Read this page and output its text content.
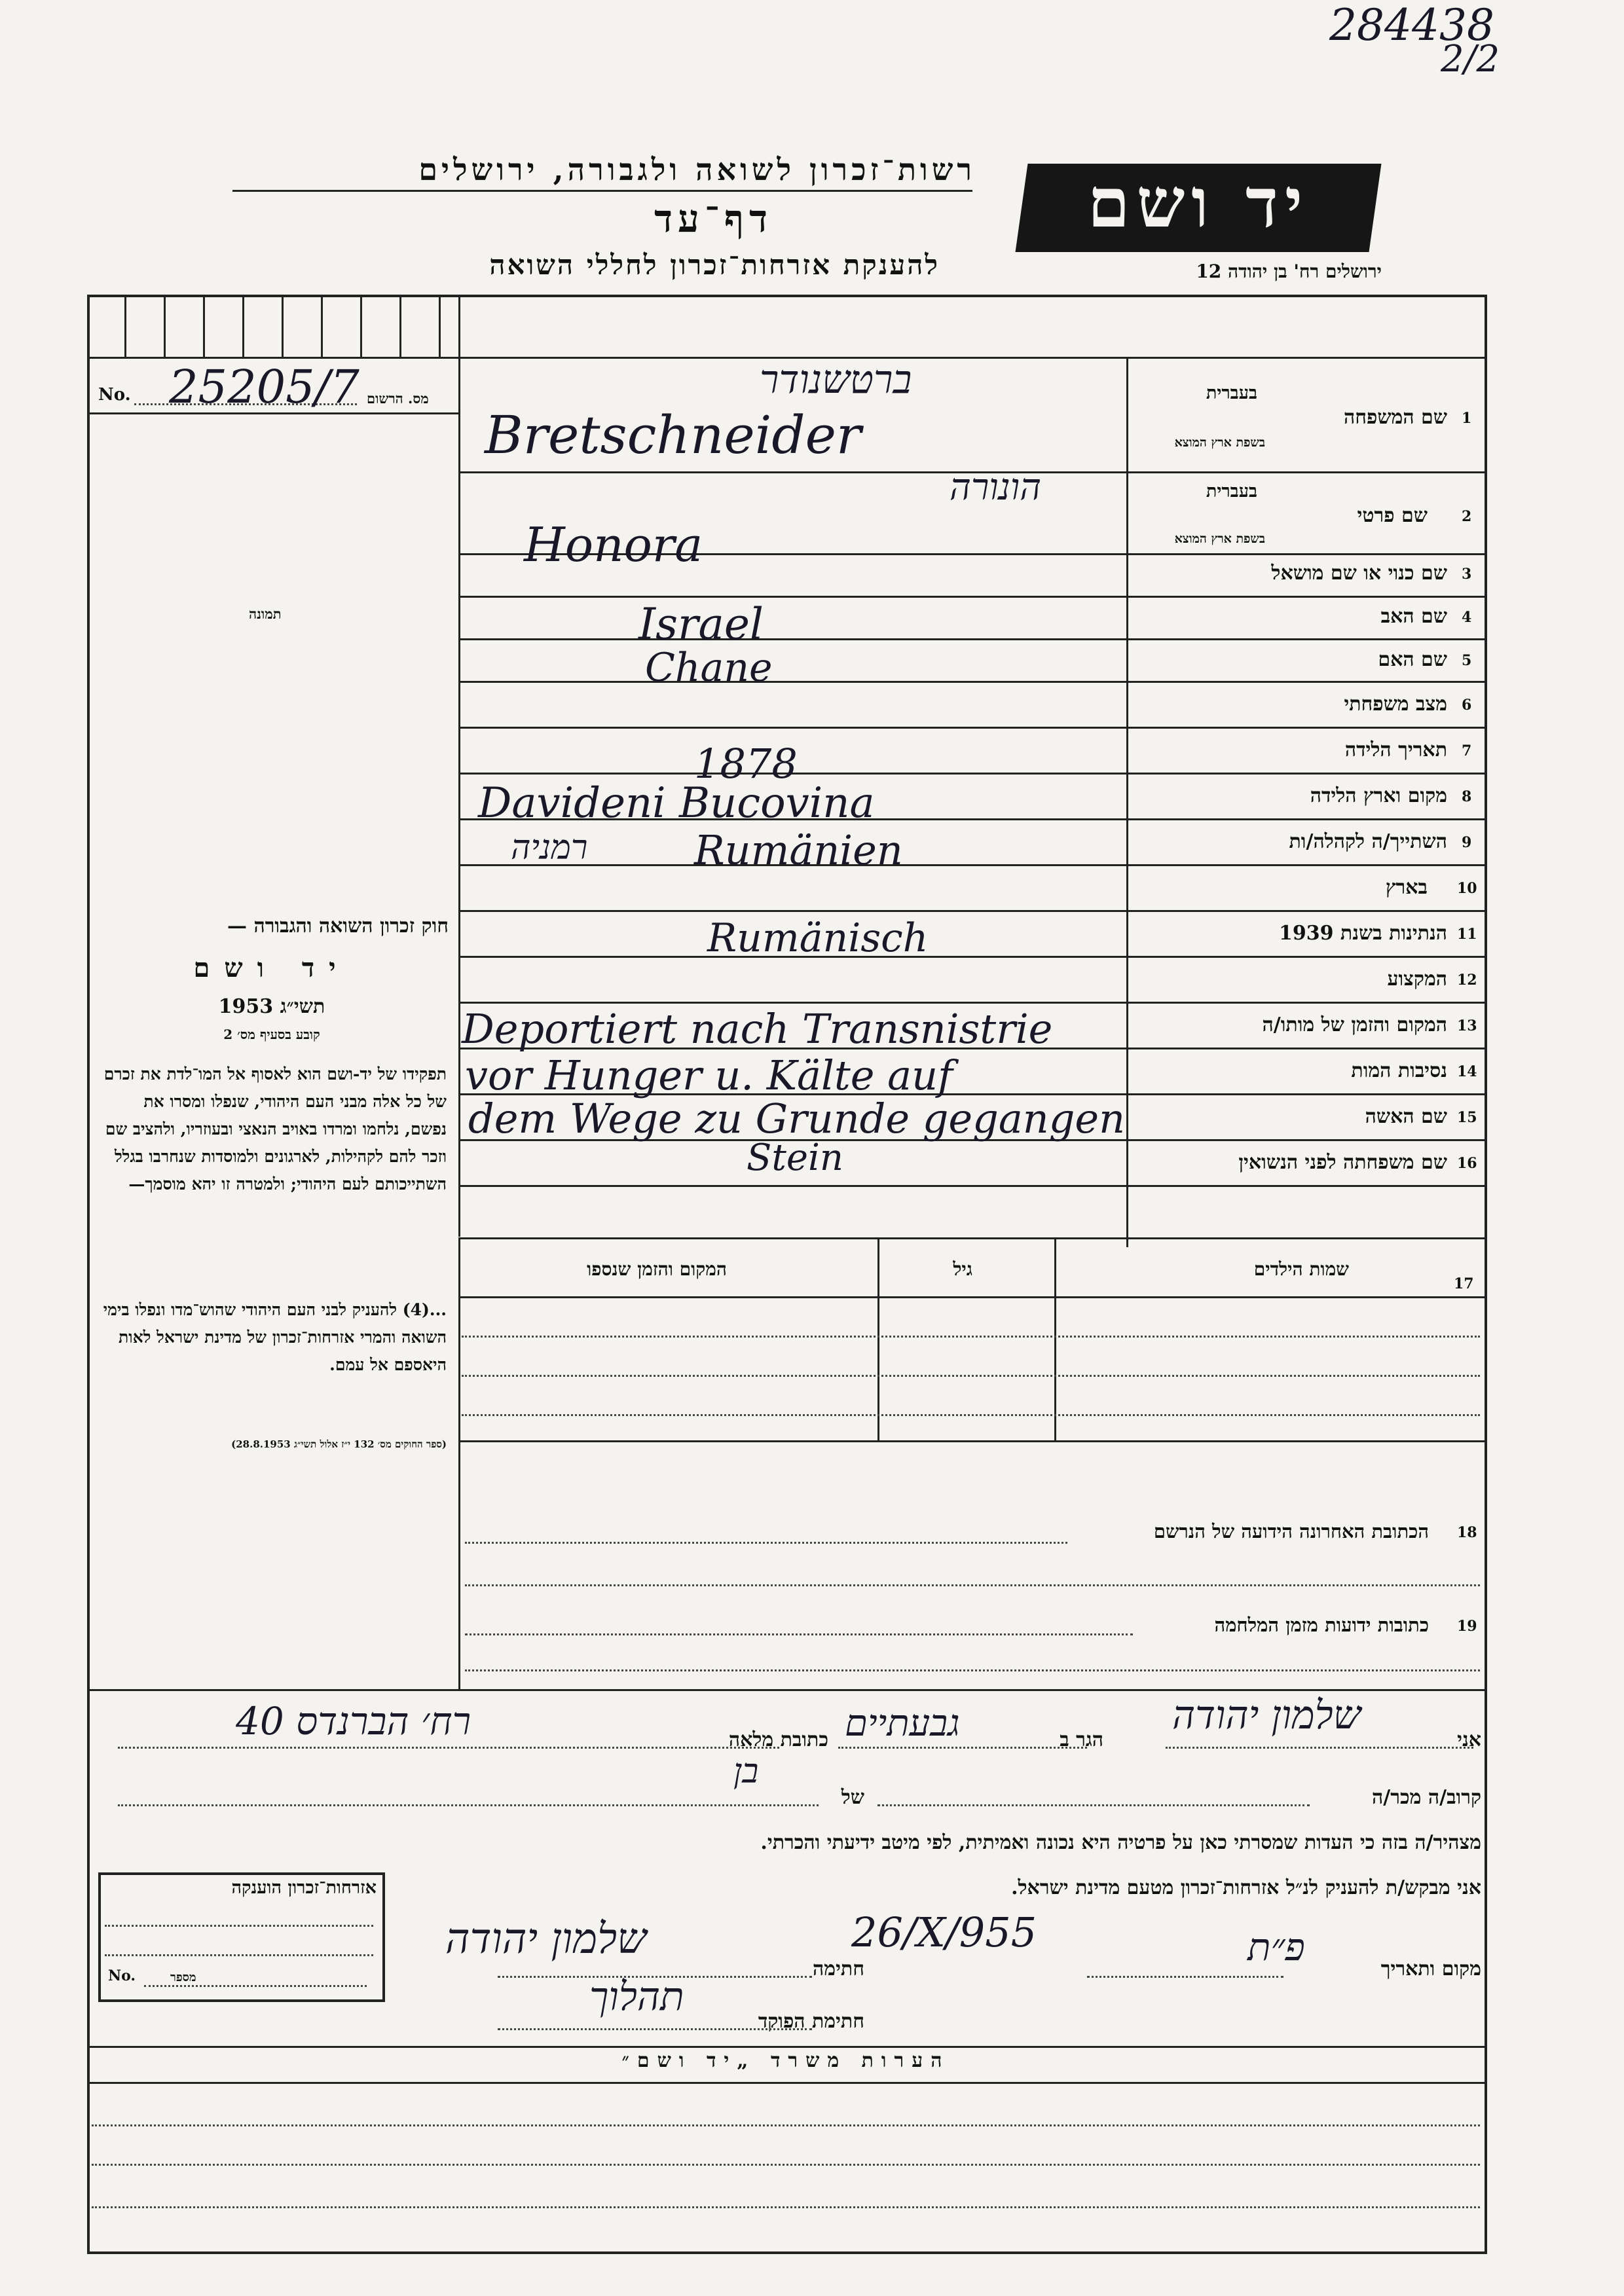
284438
2/2
רשות־זכרון לשואה ולגבורה, ירושלים
דף־עד
להענקת אזרחות־זכרון לחללי השואה
יד ושם
ירושלים רח' בן יהודה 12
No. 25205/7 מס. הרשום
תמונה
חוק זכרון השואה והגבורה —
יד ושם
תשי״ג 1953
קובע בסעיף מס׳ 2
תפקידו של יד-ושם הוא לאסוף אל המו־לדת את זכרם של כל אלה מבני העם היהודי, שנפלו ומסרו את נפשם, נלחמו ומרדו באויב הנאצי ובעוזריו, ולהציב שם וזכר להם לקהילות, לארגונים ולמוסדות שנחרבו בגלל השתייכותם לעם היהודי; ולמטרה זו יהא מוסמך—
...(4) להעניק לבני העם היהודי שהוש־מדו ונפלו בימי השואה והמרי אזרחות־זכרון של מדינת ישראל לאות היאספם אל עמם.
(ספר החוקים מס׳ 132 י״ז אלול תשי״ג 28.8.1953)
בעברית
שם המשפחה 1
בשפת ארץ המוצא
ברטשנודר
Bretschneider
בעברית
שם פרטי 2
בשפת ארץ המוצא
הונורה
Honora
שם כנוי או שם מושאל 3
שם האב 4
Israel
שם האם 5
Chane
מצב משפחתי 6
תאריך הלידה 7
1878
מקום וארץ הלידה 8
Davideni Bucovina
השתייך/ה לקהלה/ות 9
רמניה	Rumänien
בארץ 10
הנתינות בשנת 1939 11
Rumänisch
המקצוע 12
המקום והזמן של מותו/ה 13
Deportiert nach Transnistrie
נסיבות המות 14
vor Hunger u. Kälte auf
שם האשה 15
dem Wege zu Grunde gegangen
שם משפחתה לפני הנשואין 16
Stein
המקום והזמן שנספו	גיל	שמות הילדים
17
הכתובת האחרונה הידועה של הנרשם 18
כתובות ידועות מזמן המלחמה 19
אני
שלמון יהודה
הגר ב
גבעתיים
כתובת מלאה
רח׳ הברנדס 40
קרוב/ה מכר/ה
של
בן
מצהיר/ה בזה כי העדות שמסרתי כאן על פרטיה היא נכונה ואמיתית, לפי מיטב ידיעתי והכרתי.
אני מבקש/ת להעניק לנ״ל אזרחות־זכרון מטעם מדינת ישראל.
מקום ותאריך
פ״ת
26/X/955
חתימה
שלמון יהודה
חתימת הפוקד
תהלוך
אזרחות־זכרון הוענקה
No.	מספר
הערות משרד „יד ושם״
